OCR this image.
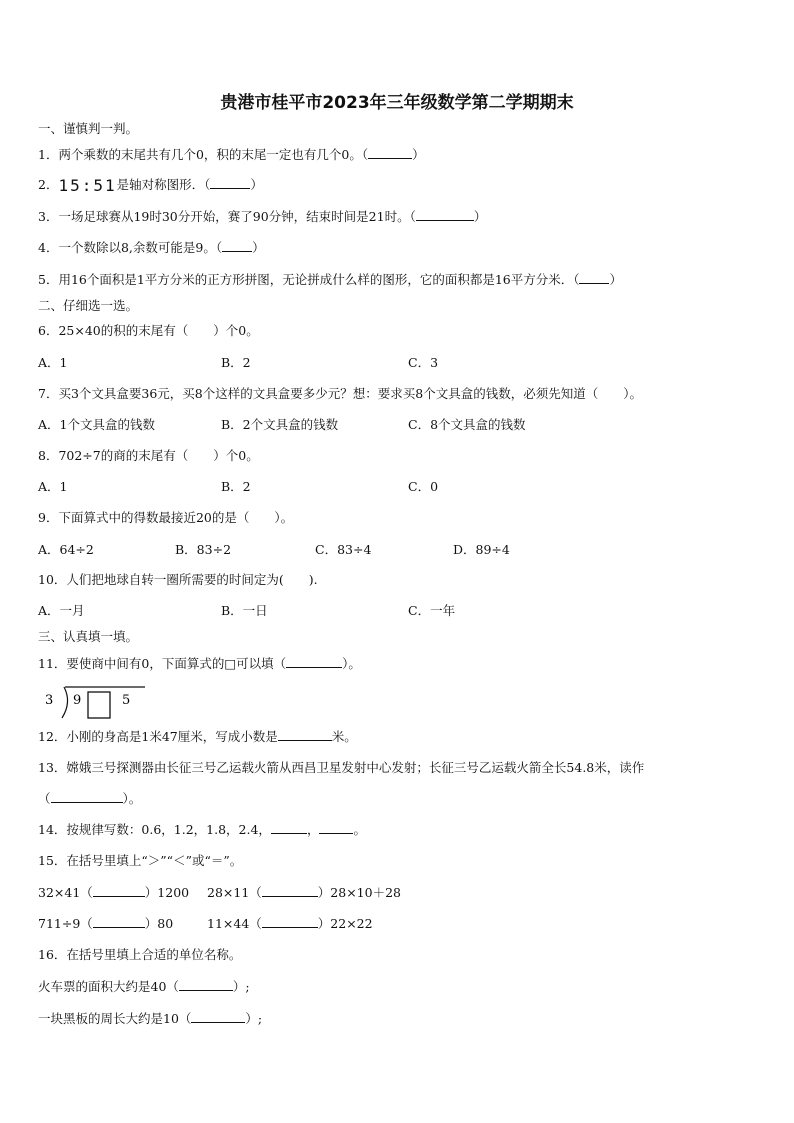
贵港市桂平市2023年三年级数学第二学期期末
一、谨慎判一判。
1．两个乘数的末尾共有几个0，积的末尾一定也有几个0。（	）
2．15:51是轴对称图形．（	）
3．一场足球赛从19时30分开始，赛了90分钟，结束时间是21时。（	）
4．一个数除以8,余数可能是9。（ ）
5．用16个面积是1平方分米的正方形拼图，无论拼成什么样的图形，它的面积都是16平方分米．（ ）
二、仔细选一选。
6．25×40的积的末尾有（　　）个0。
A．1	B．2	C．3
7．买3个文具盒要36元，买8个这样的文具盒要多少元？想：要求买8个文具盒的钱数，必须先知道（　　）。
A．1个文具盒的钱数	B．2个文具盒的钱数	C．8个文具盒的钱数
8．702÷7的商的末尾有（　　）个0。
A．1	B．2	C．0
9．下面算式中的得数最接近20的是（　　）。
A．64÷2	B．83÷2	C．83÷4	D．89÷4
10．人们把地球自转一圈所需要的时间定为(　　).
A．一月	B．一日	C．一年
三、认真填一填。
11．要使商中间有0，下面算式的□可以填（	）。
3 9	5
12．小刚的身高是1米47厘米，写成小数是	米。
13．嫦娥三号探测器由长征三号乙运载火箭从西昌卫星发射中心发射；长征三号乙运载火箭全长54.8米，读作
（	）。
14．按规律写数：0.6，1.2，1.8，2.4，	，	。
15．在括号里填上“＞”“＜”或“＝”。
32×41（	）1200 28×11（	）28×10＋28
711÷9（	）80	11×44（	）22×22
16．在括号里填上合适的单位名称。
火车票的面积大约是40（	）;
一块黑板的周长大约是10（	）;
